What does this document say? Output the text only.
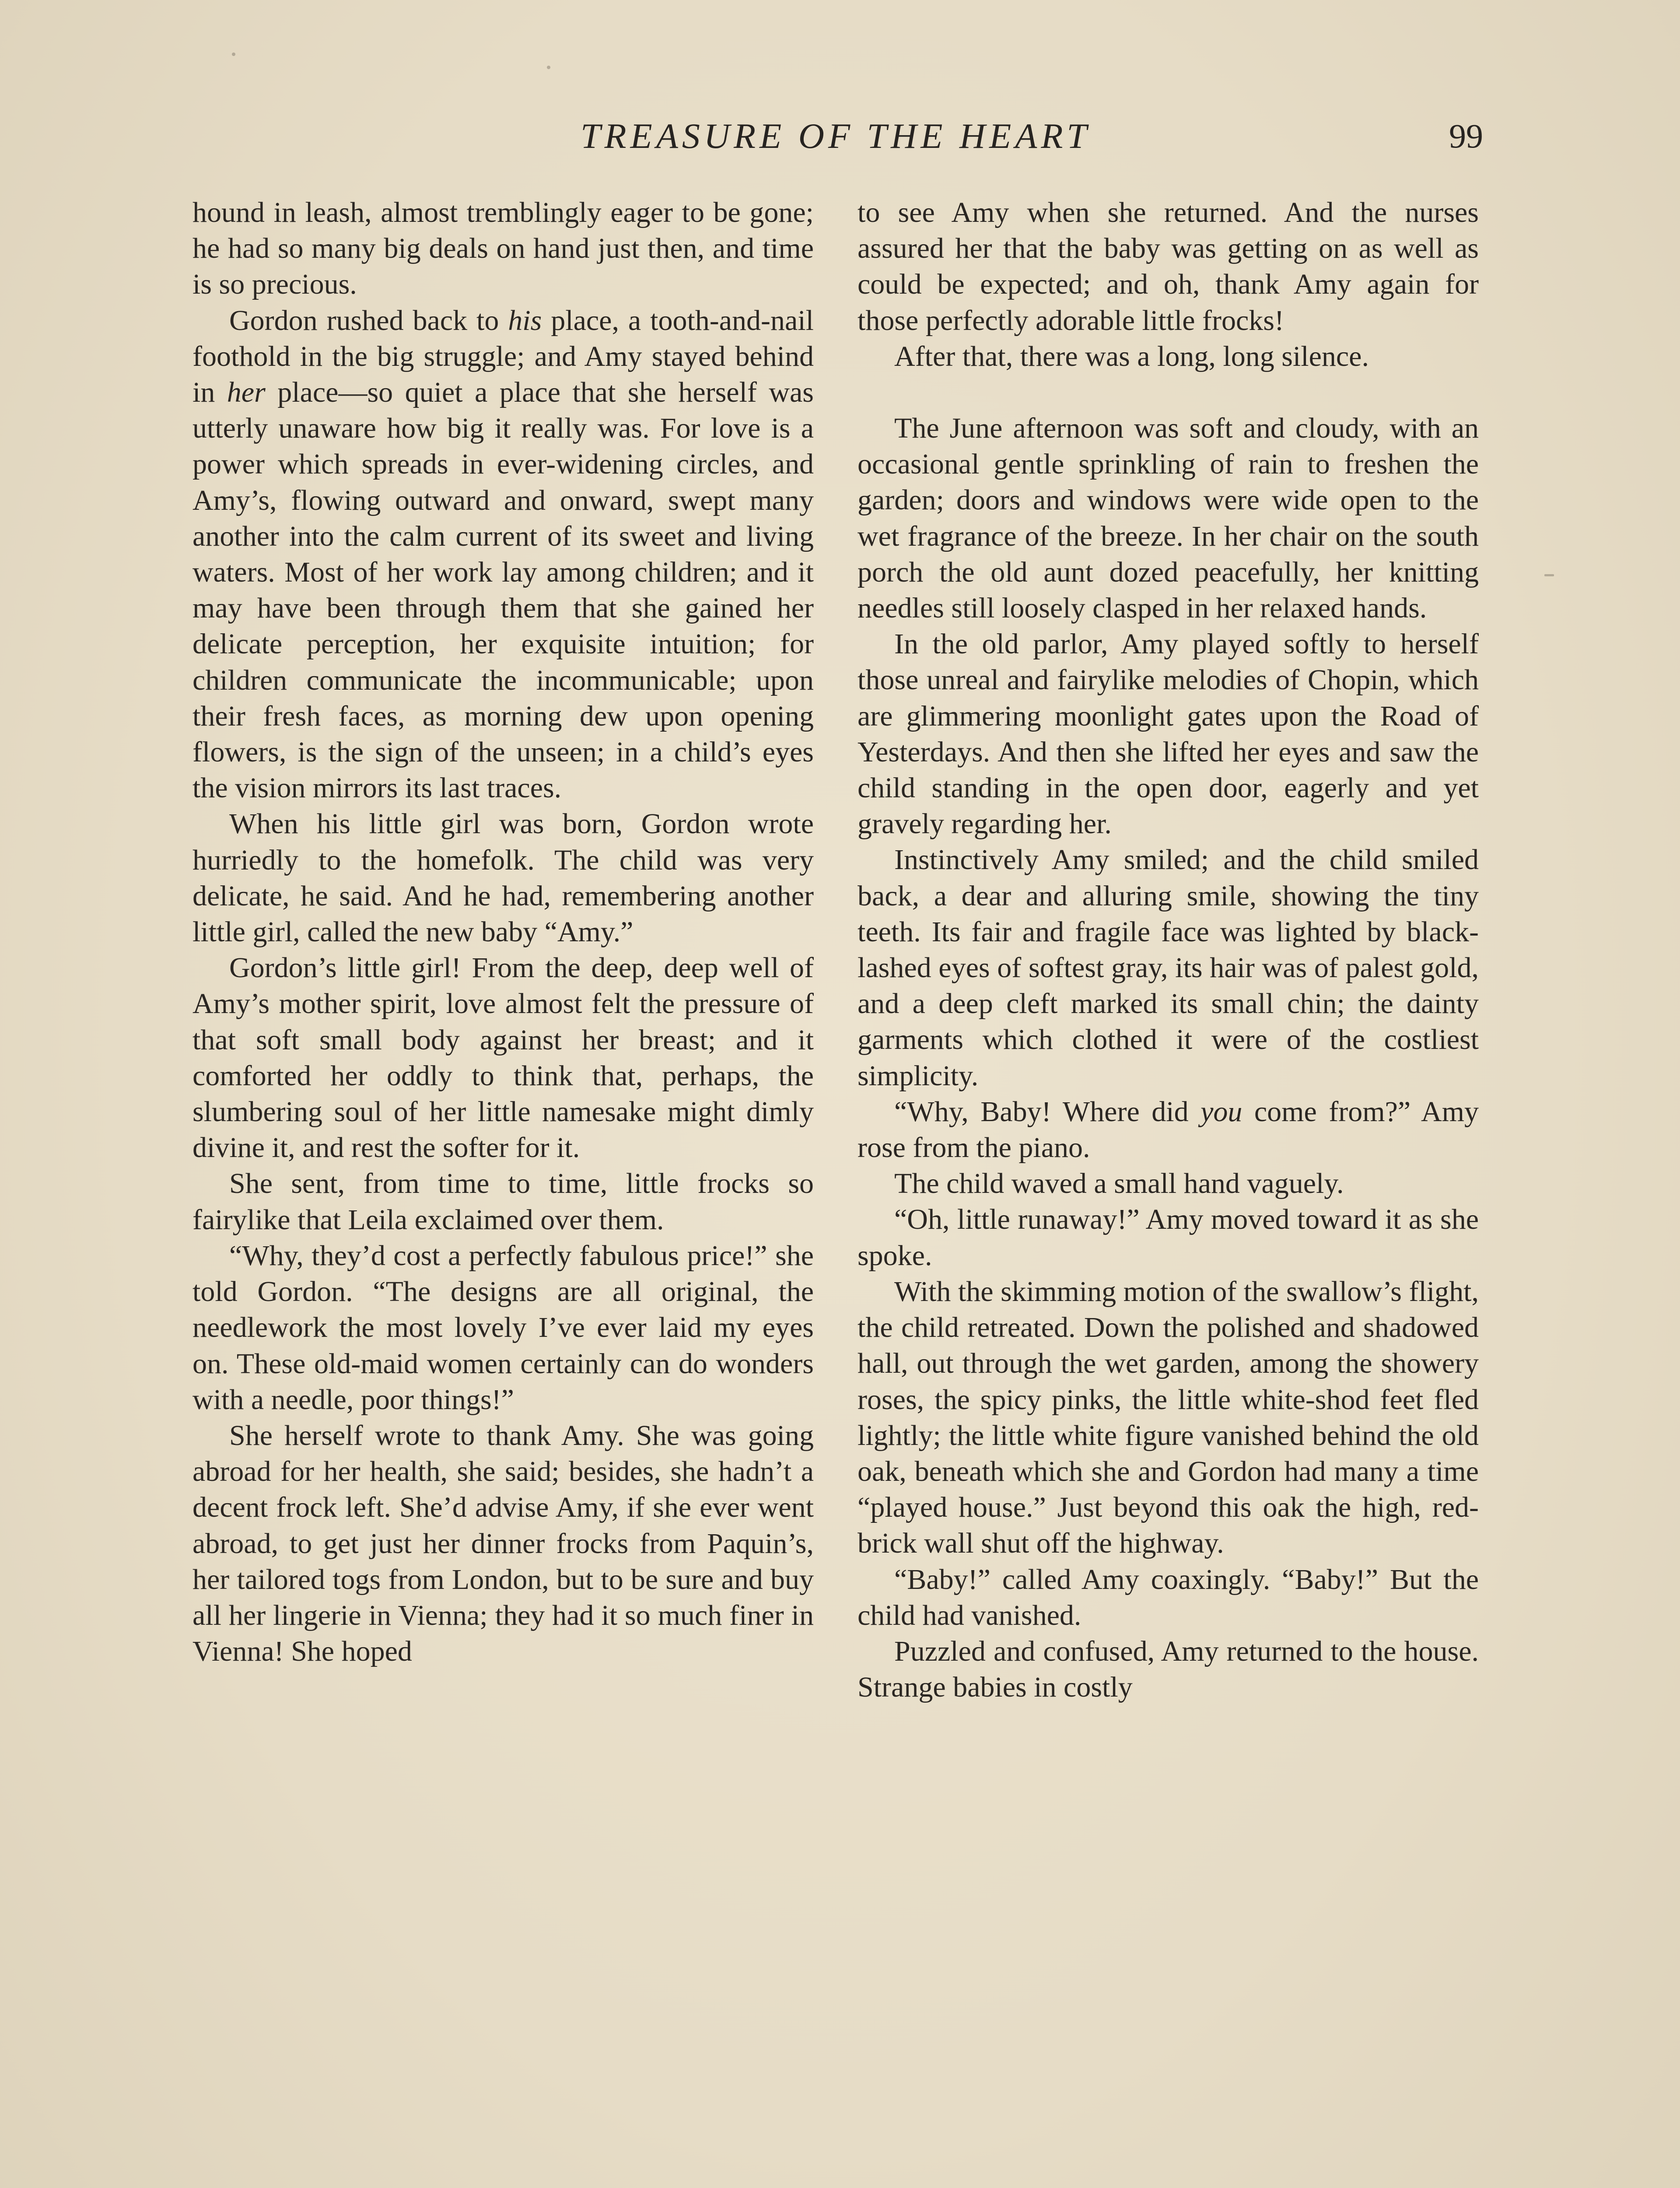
TREASURE OF THE HEART	99

hound in leash, almost tremblingly eager to be gone; he had so many big deals on hand just then, and time is so precious.

Gordon rushed back to his place, a tooth-and-nail foothold in the big struggle; and Amy stayed behind in her place—so quiet a place that she herself was utterly unaware how big it really was. For love is a power which spreads in ever-widening circles, and Amy’s, flowing outward and onward, swept many another into the calm current of its sweet and living waters. Most of her work lay among children; and it may have been through them that she gained her delicate perception, her exquisite intuition; for children communicate the incommunicable; upon their fresh faces, as morning dew upon opening flowers, is the sign of the unseen; in a child’s eyes the vision mirrors its last traces.

When his little girl was born, Gordon wrote hurriedly to the homefolk. The child was very delicate, he said. And he had, remembering another little girl, called the new baby “Amy.”

Gordon’s little girl! From the deep, deep well of Amy’s mother spirit, love almost felt the pressure of that soft small body against her breast; and it comforted her oddly to think that, perhaps, the slumbering soul of her little namesake might dimly divine it, and rest the softer for it.

She sent, from time to time, little frocks so fairylike that Leila exclaimed over them.

“Why, they’d cost a perfectly fabulous price!” she told Gordon. “The designs are all original, the needlework the most lovely I’ve ever laid my eyes on. These old-maid women certainly can do wonders with a needle, poor things!”

She herself wrote to thank Amy. She was going abroad for her health, she said; besides, she hadn’t a decent frock left. She’d advise Amy, if she ever went abroad, to get just her dinner frocks from Paquin’s, her tailored togs from London, but to be sure and buy all her lingerie in Vienna; they had it so much finer in Vienna! She hoped

to see Amy when she returned. And the nurses assured her that the baby was getting on as well as could be expected; and oh, thank Amy again for those perfectly adorable little frocks!

After that, there was a long, long silence.

The June afternoon was soft and cloudy, with an occasional gentle sprinkling of rain to freshen the garden; doors and windows were wide open to the wet fragrance of the breeze. In her chair on the south porch the old aunt dozed peacefully, her knitting needles still loosely clasped in her relaxed hands.

In the old parlor, Amy played softly to herself those unreal and fairylike melodies of Chopin, which are glimmering moonlight gates upon the Road of Yesterdays. And then she lifted her eyes and saw the child standing in the open door, eagerly and yet gravely regarding her.

Instinctively Amy smiled; and the child smiled back, a dear and alluring smile, showing the tiny teeth. Its fair and fragile face was lighted by black-lashed eyes of softest gray, its hair was of palest gold, and a deep cleft marked its small chin; the dainty garments which clothed it were of the costliest simplicity.

“Why, Baby! Where did you come from?” Amy rose from the piano.

The child waved a small hand vaguely.

“Oh, little runaway!” Amy moved toward it as she spoke.

With the skimming motion of the swallow’s flight, the child retreated. Down the polished and shadowed hall, out through the wet garden, among the showery roses, the spicy pinks, the little white-shod feet fled lightly; the little white figure vanished behind the old oak, beneath which she and Gordon had many a time “played house.” Just beyond this oak the high, red-brick wall shut off the highway.

“Baby!” called Amy coaxingly. “Baby!” But the child had vanished.

Puzzled and confused, Amy returned to the house. Strange babies in costly
